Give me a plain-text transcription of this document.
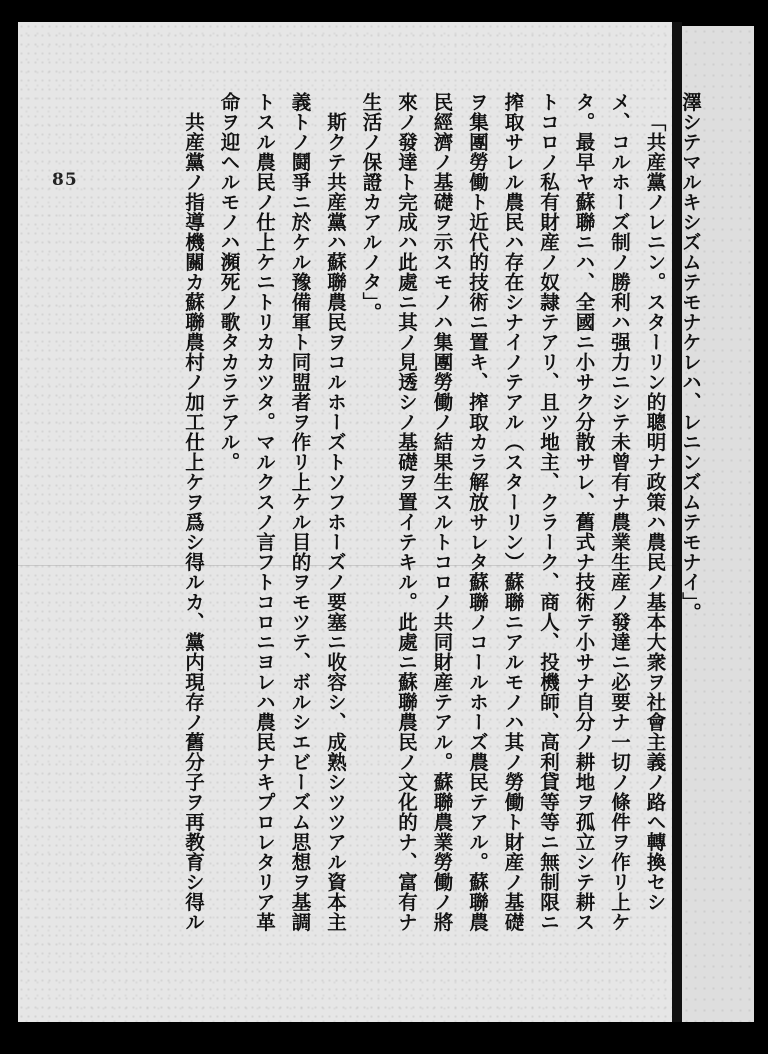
85	澤シテマルキシズムテモナケレハ、レニンズムテモナイ」。

「共産黨ノレニン。スターリン的聰明ナ政策ハ農民ノ基本大衆ヲ社會主義ノ路ヘ轉換セシメ、コルホーズ制ノ勝利ハ强力ニシテ未曾有ナ農業生産ノ發達ニ必要ナ一切ノ條件ヲ作リ上ケタ。最早ヤ蘇聯ニハ、全國ニ小サク分散サレ、舊式ナ技術テ小サナ自分ノ耕地ヲ孤立シテ耕ストコロノ私有財産ノ奴隷テアリ、且ツ地主、クラーク、商人、投機師、高利貸等等ニ無制限ニ搾取サレル農民ハ存在シナイノテアル（スターリン）蘇聯ニアルモノハ其ノ勞働ト財産ノ基礎ヲ集團勞働ト近代的技術ニ置キ、搾取カラ解放サレタ蘇聯ノコールホーズ農民テアル。蘇聯農民經濟ノ基礎ヲ示スモノハ集團勞働ノ結果生スルトコロノ共同財産テアル。蘇聯農業勞働ノ將來ノ發達ト完成ハ此處ニ其ノ見透シノ基礎ヲ置イテキル。此處ニ蘇聯農民ノ文化的ナ、富有ナ生活ノ保證カアルノタ」。

斯クテ共産黨ハ蘇聯農民ヲコルホーズトソフホーズノ要塞ニ收容シ、成熟シツツアル資本主義トノ鬪爭ニ於ケル豫備軍ト同盟者ヲ作リ上ケル目的ヲモツテ、ボルシエビーズム思想ヲ基調トスル農民ノ仕上ケニトリカカツタ。マルクスノ言フトコロニヨレハ農民ナキプロレタリア革命ヲ迎ヘルモノハ瀕死ノ歌タカラテアル。

共産黨ノ指導機關カ蘇聯農村ノ加工仕上ケヲ爲シ得ルカ、黨内現存ノ舊分子ヲ再教育シ得ル
